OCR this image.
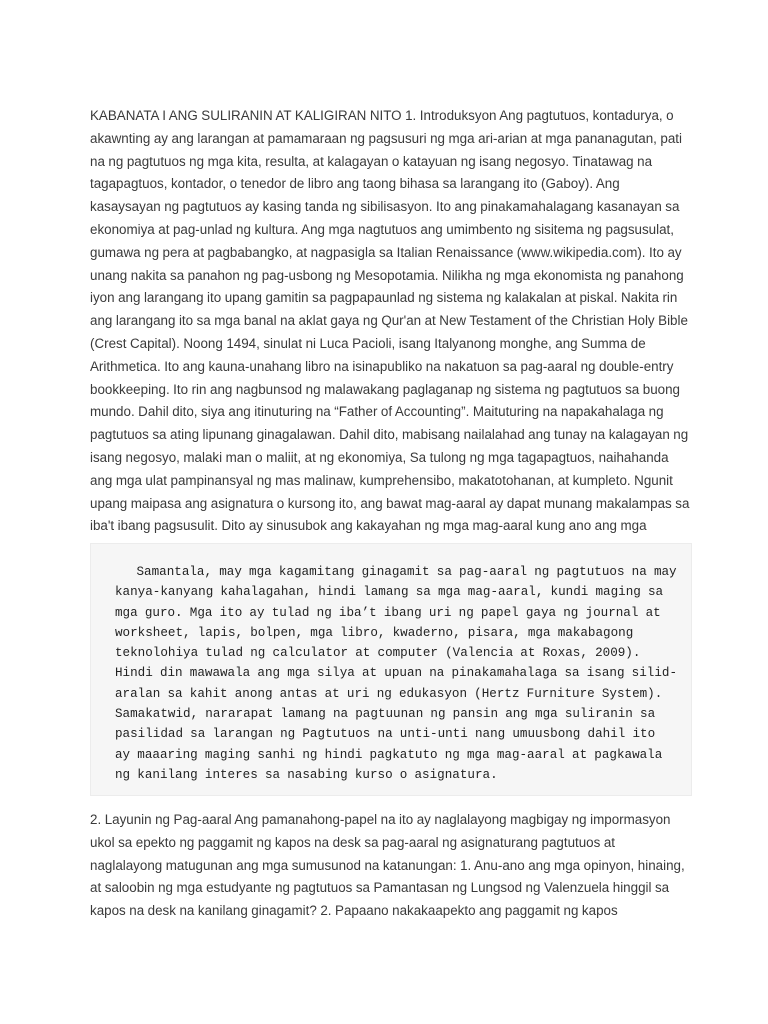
KABANATA I ANG SULIRANIN AT KALIGIRAN NITO 1. Introduksyon Ang pagtutuos, kontadurya, o akawnting ay ang larangan at pamamaraan ng pagsusuri ng mga ari-arian at mga pananagutan, pati na ng pagtutuos ng mga kita, resulta, at kalagayan o katayuan ng isang negosyo. Tinatawag na tagapagtuos, kontador, o tenedor de libro ang taong bihasa sa larangang ito (Gaboy). Ang kasaysayan ng pagtutuos ay kasing tanda ng sibilisasyon. Ito ang pinakamahalagang kasanayan sa ekonomiya at pag-unlad ng kultura. Ang mga nagtutuos ang umimbento ng sisitema ng pagsusulat, gumawa ng pera at pagbabangko, at nagpasigla sa Italian Renaissance (www.wikipedia.com). Ito ay unang nakita sa panahon ng pag-usbong ng Mesopotamia. Nilikha ng mga ekonomista ng panahong iyon ang larangang ito upang gamitin sa pagpapaunlad ng sistema ng kalakalan at piskal. Nakita rin ang larangang ito sa mga banal na aklat gaya ng Qur'an at New Testament of the Christian Holy Bible (Crest Capital). Noong 1494, sinulat ni Luca Pacioli, isang Italyanong monghe, ang Summa de Arithmetica. Ito ang kauna-unahang libro na isinapubliko na nakatuon sa pag-aaral ng double-entry bookkeeping. Ito rin ang nagbunsod ng malawakang paglaganap ng sistema ng pagtutuos sa buong mundo. Dahil dito, siya ang itinuturing na “Father of Accounting”. Maituturing na napakahalaga ng pagtutuos sa ating lipunang ginagalawan. Dahil dito, mabisang nailalahad ang tunay na kalagayan ng isang negosyo, malaki man o maliit, at ng ekonomiya, Sa tulong ng mga tagapagtuos, naihahanda ang mga ulat pampinansyal ng mas malinaw, kumprehensibo, makatotohanan, at kumpleto. Ngunit upang maipasa ang asignatura o kursong ito, ang bawat mag-aaral ay dapat munang makalampas sa iba't ibang pagsusulit. Dito ay sinusubok ang kakayahan ng mga mag-aaral kung ano ang mga

Samantala, may mga kagamitang ginagamit sa pag-aaral ng pagtutuos na may kanya-kanyang kahalagahan, hindi lamang sa mga mag-aaral, kundi maging sa mga guro. Mga ito ay tulad ng iba’t ibang uri ng papel gaya ng journal at worksheet, lapis, bolpen, mga libro, kwaderno, pisara, mga makabagong teknolohiya tulad ng calculator at computer (Valencia at Roxas, 2009). Hindi din mawawala ang mga silya at upuan na pinakamahalaga sa isang silid-aralan sa kahit anong antas at uri ng edukasyon (Hertz Furniture System). Samakatwid, nararapat lamang na pagtuunan ng pansin ang mga suliranin sa pasilidad sa larangan ng Pagtutuos na unti-unti nang umuusbong dahil ito ay maaaring maging sanhi ng hindi pagkatuto ng mga mag-aaral at pagkawala ng kanilang interes sa nasabing kurso o asignatura.

2. Layunin ng Pag-aaral Ang pamanahong-papel na ito ay naglalayong magbigay ng impormasyon ukol sa epekto ng paggamit ng kapos na desk sa pag-aaral ng asignaturang pagtutuos at naglalayong matugunan ang mga sumusunod na katanungan: 1. Anu-ano ang mga opinyon, hinaing, at saloobin ng mga estudyante ng pagtutuos sa Pamantasan ng Lungsod ng Valenzuela hinggil sa kapos na desk na kanilang ginagamit? 2. Papaano nakakaapekto ang paggamit ng kapos
